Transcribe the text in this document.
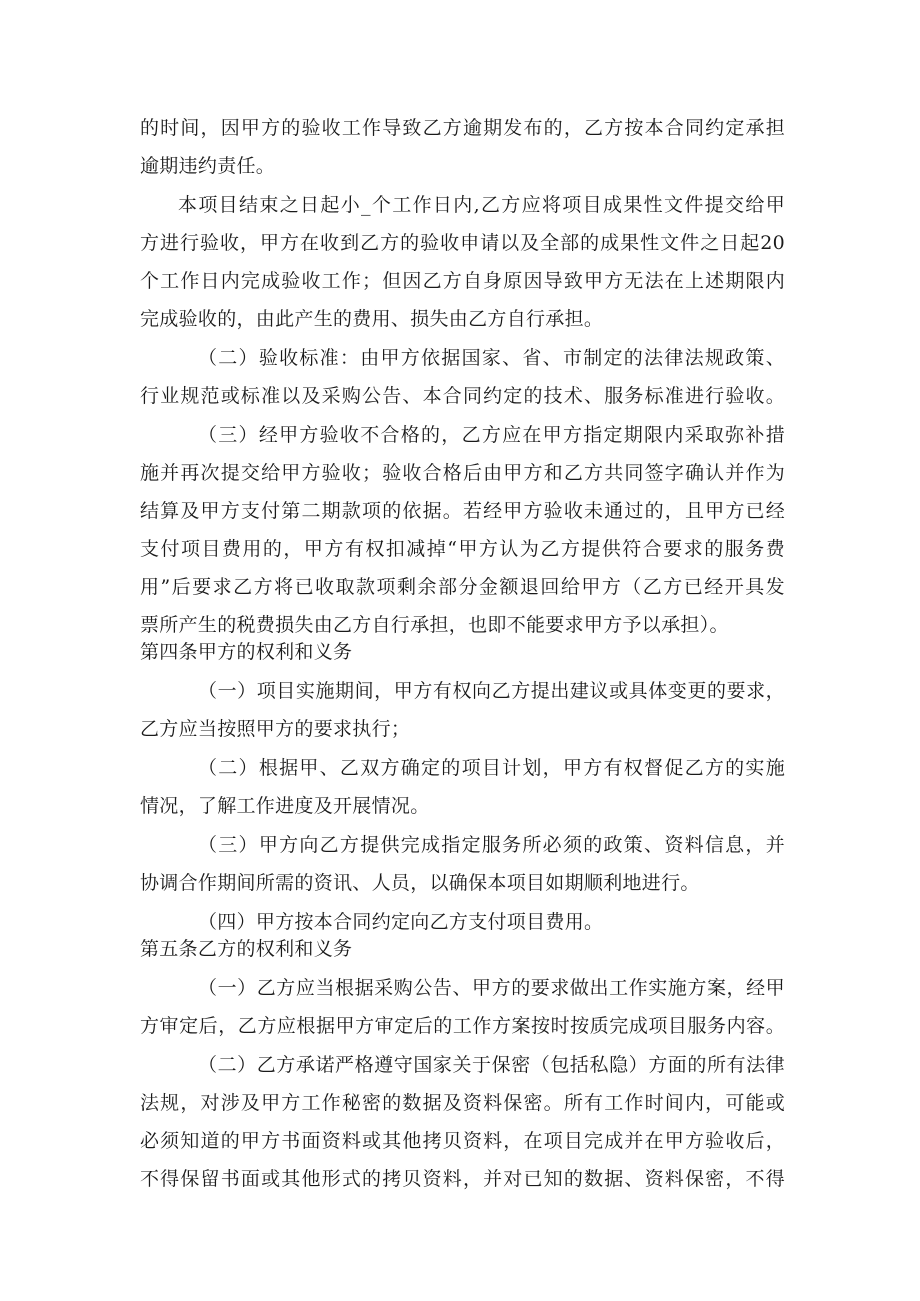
的时间，因甲方的验收工作导致乙方逾期发布的，乙方按本合同约定承担
逾期违约责任。
本项目结束之日起小_个工作日内,乙方应将项目成果性文件提交给甲
方进行验收，甲方在收到乙方的验收申请以及全部的成果性文件之日起20
个工作日内完成验收工作；但因乙方自身原因导致甲方无法在上述期限内
完成验收的，由此产生的费用、损失由乙方自行承担。
（二）验收标准：由甲方依据国家、省、市制定的法律法规政策、
行业规范或标准以及采购公告、本合同约定的技术、服务标准进行验收。
（三）经甲方验收不合格的，乙方应在甲方指定期限内采取弥补措
施并再次提交给甲方验收；验收合格后由甲方和乙方共同签字确认并作为
结算及甲方支付第二期款项的依据。若经甲方验收未通过的，且甲方已经
支付项目费用的，甲方有权扣减掉“甲方认为乙方提供符合要求的服务费
用”后要求乙方将已收取款项剩余部分金额退回给甲方（乙方已经开具发
票所产生的税费损失由乙方自行承担，也即不能要求甲方予以承担）。
第四条甲方的权利和义务
（一）项目实施期间，甲方有权向乙方提出建议或具体变更的要求，
乙方应当按照甲方的要求执行；
（二）根据甲、乙双方确定的项目计划，甲方有权督促乙方的实施
情况，了解工作进度及开展情况。
（三）甲方向乙方提供完成指定服务所必须的政策、资料信息，并
协调合作期间所需的资讯、人员，以确保本项目如期顺利地进行。
（四）甲方按本合同约定向乙方支付项目费用。
第五条乙方的权利和义务
（一）乙方应当根据采购公告、甲方的要求做出工作实施方案，经甲
方审定后，乙方应根据甲方审定后的工作方案按时按质完成项目服务内容。
（二）乙方承诺严格遵守国家关于保密（包括私隐）方面的所有法律
法规，对涉及甲方工作秘密的数据及资料保密。所有工作时间内，可能或
必须知道的甲方书面资料或其他拷贝资料，在项目完成并在甲方验收后，
不得保留书面或其他形式的拷贝资料，并对已知的数据、资料保密，不得
